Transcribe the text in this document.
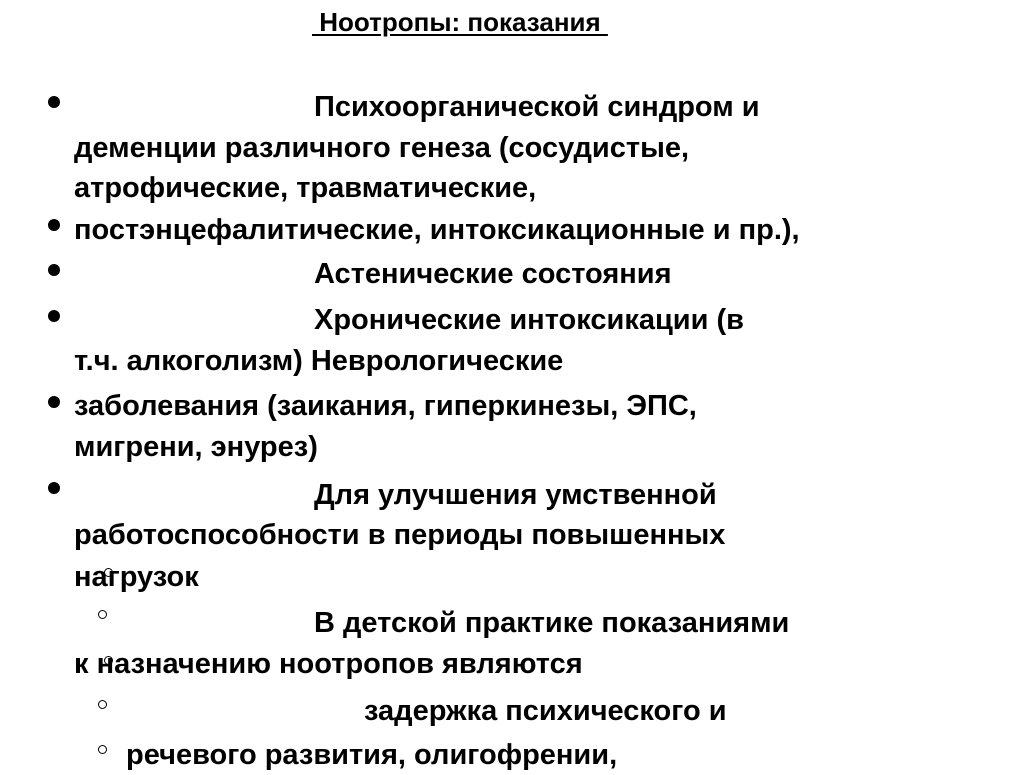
Ноотропы: показания
Психоорганической синдром и
деменции различного генеза (сосудистые,
атрофические, травматические,
постэнцефалитические, интоксикационные и пр.),
Астенические состояния
Хронические интоксикации (в
т.ч. алкоголизм) Неврологические
заболевания (заикания, гиперкинезы, ЭПС,
мигрени, энурез)
Для улучшения умственной
работоспособности в периоды повышенных
нагрузок
В детской практике показаниями
к назначению ноотропов являются
задержка психического и
речевого развития, олигофрении,
